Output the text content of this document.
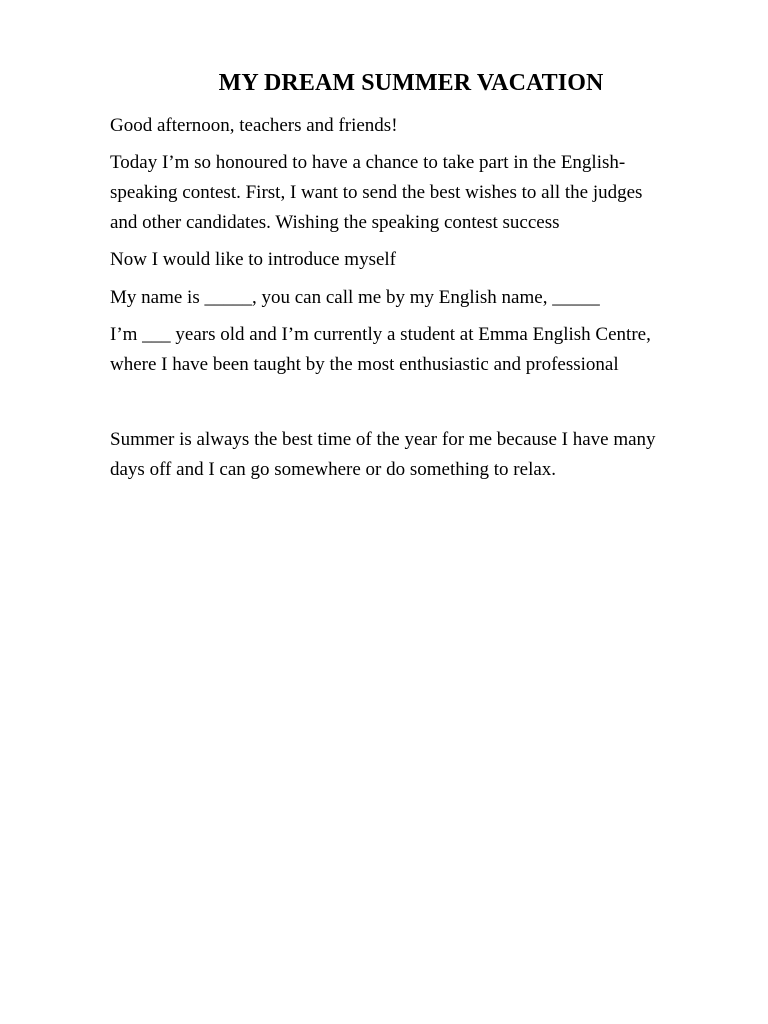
MY DREAM SUMMER VACATION

Good afternoon, teachers and friends!

Today I’m so honoured to have a chance to take part in the English-
speaking contest. First, I want to send the best wishes to all the judges
and other candidates. Wishing the speaking contest success

Now I would like to introduce myself

My name is _____, you can call me by my English name, _____

I’m ___ years old and I’m currently a student at Emma English Centre,
where I have been taught by the most enthusiastic and professional

Summer is always the best time of the year for me because I have many
days off and I can go somewhere or do something to relax.
